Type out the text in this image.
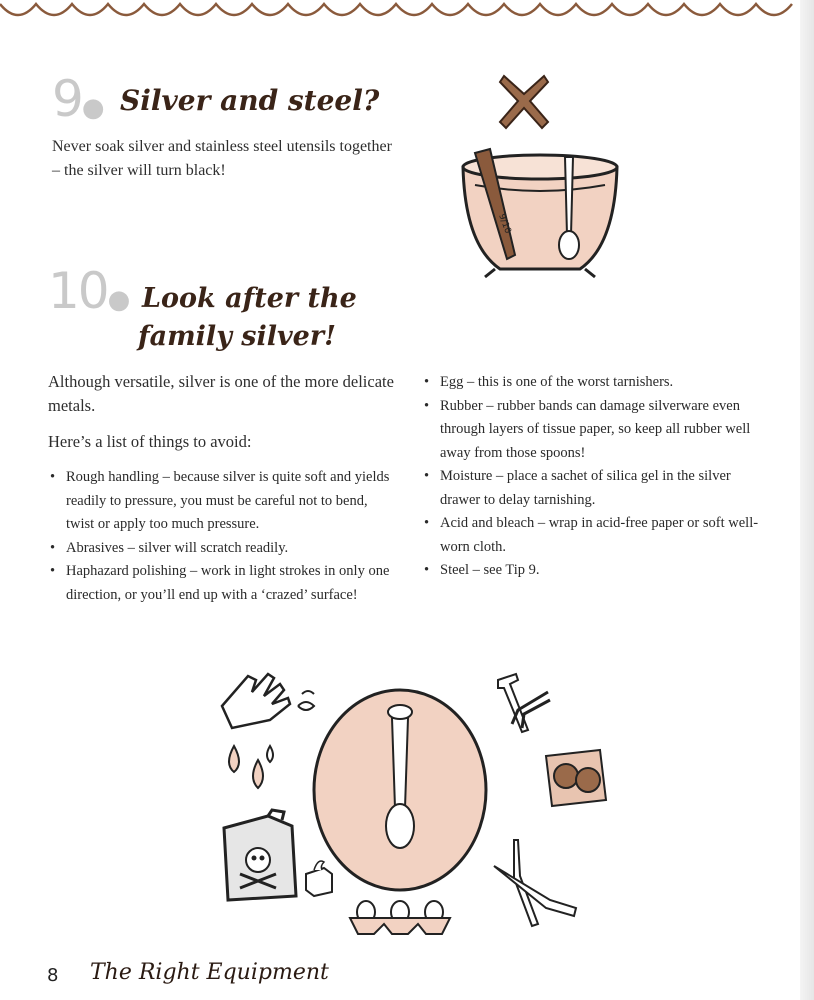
9● Silver and steel?

Never soak silver and stainless steel utensils together – the silver will turn black!

9/10
10● Look after the
family silver!

Although versatile, silver is one of the more delicate metals.

Here’s a list of things to avoid:

• Rough handling – because silver is quite soft and yields readily to pressure, you must be careful not to bend, twist or apply too much pressure.
• Abrasives – silver will scratch readily.
• Haphazard polishing – work in light strokes in only one direction, or you’ll end up with a ‘crazed’ surface!
• Egg – this is one of the worst tarnishers.
• Rubber – rubber bands can damage silverware even through layers of tissue paper, so keep all rubber well away from those spoons!
• Moisture – place a sachet of silica gel in the silver drawer to delay tarnishing.
• Acid and bleach – wrap in acid-free paper or soft well-worn cloth.
• Steel – see Tip 9.
8 The Right Equipment
